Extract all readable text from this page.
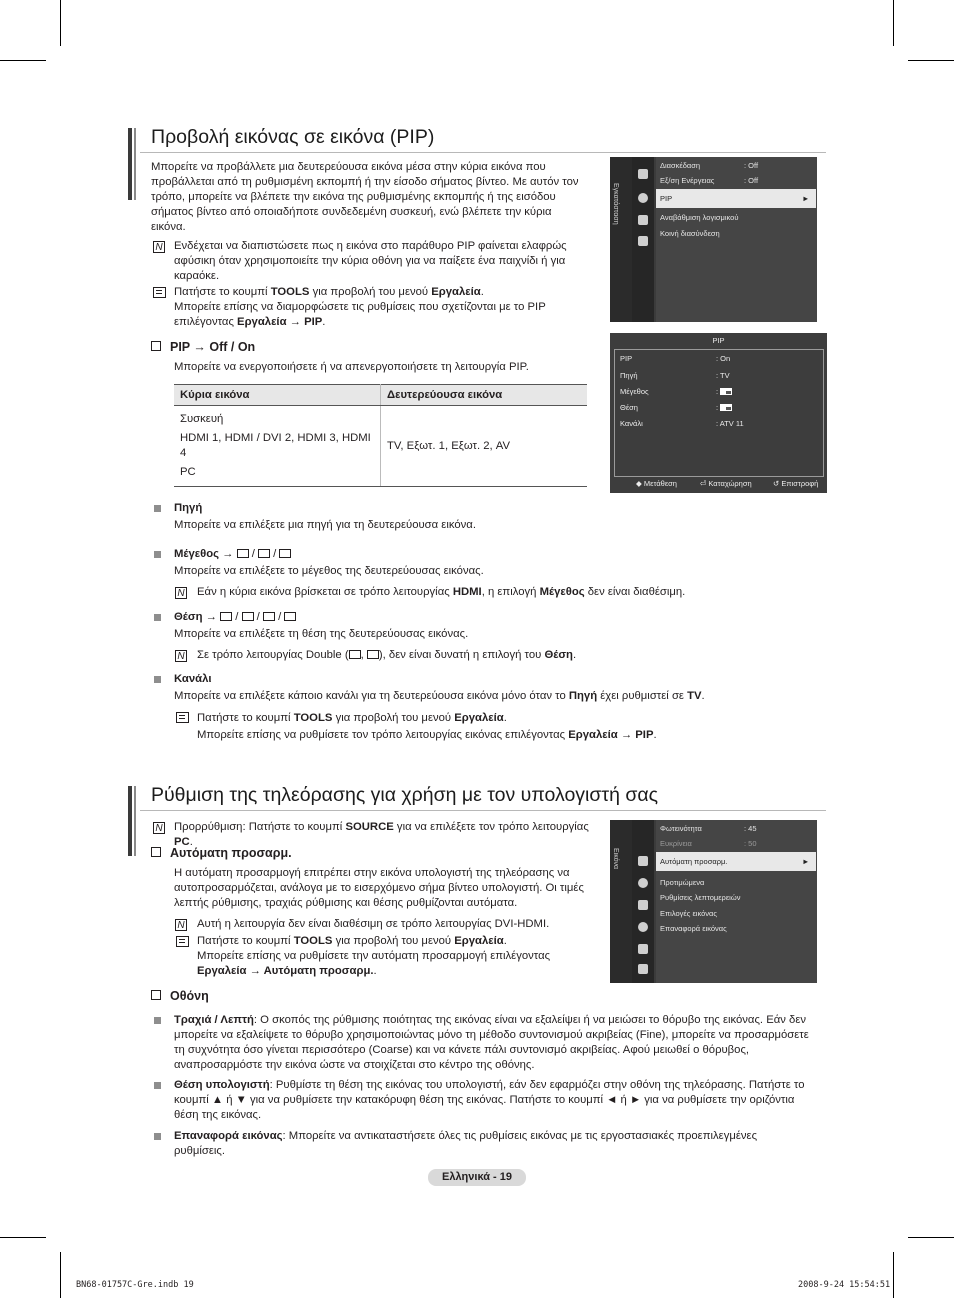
Προβολή εικόνας σε εικόνα (PIP)
Μπορείτε να προβάλλετε μια δευτερεύουσα εικόνα μέσα στην κύρια εικόνα που προβάλλεται από τη ρυθμισμένη εκπομπή ή την είσοδο σήματος βίντεο. Με αυτόν τον τρόπο, μπορείτε να βλέπετε την εικόνα της ρυθμισμένης εκπομπής ή της εισόδου σήματος βίντεο από οποιαδήποτε συνδεδεμένη συσκευή, ενώ βλέπετε την κύρια εικόνα.
N Ενδέχεται να διαπιστώσετε πως η εικόνα στο παράθυρο PIP φαίνεται ελαφρώς αφύσικη όταν χρησιμοποιείτε την κύρια οθόνη για να παίξετε ένα παιχνίδι ή για καραόκε.
Πατήστε το κουμπί TOOLS για προβολή του μενού Εργαλεία.
Μπορείτε επίσης να διαμορφώσετε τις ρυθμίσεις που σχετίζονται με το PIP επιλέγοντας Εργαλεία → PIP.
PIP → Off / On
Μπορείτε να ενεργοποιήσετε ή να απενεργοποιήσετε τη λειτουργία PIP.
Κύρια εικόνα	Δευτερεύουσα εικόνα

Συσκευή
HDMI 1, HDMI / DVI 2, HDMI 3, HDMI 4
PC	TV, Εξωτ. 1, Εξωτ. 2, AV
Πηγή
Μπορείτε να επιλέξετε μια πηγή για τη δευτερεύουσα εικόνα.
Μέγεθος →  /  /
Μπορείτε να επιλέξετε το μέγεθος της δευτερεύουσας εικόνας.
N Εάν η κύρια εικόνα βρίσκεται σε τρόπο λειτουργίας HDMI, η επιλογή Μέγεθος δεν είναι διαθέσιμη.
Θέση →  /  /  /
Μπορείτε να επιλέξετε τη θέση της δευτερεύουσας εικόνας.
N Σε τρόπο λειτουργίας Double ( , ), δεν είναι δυνατή η επιλογή του Θέση.
Κανάλι
Μπορείτε να επιλέξετε κάποιο κανάλι για τη δευτερεύουσα εικόνα μόνο όταν το Πηγή έχει ρυθμιστεί σε TV.
Πατήστε το κουμπί TOOLS για προβολή του μενού Εργαλεία.
Μπορείτε επίσης να ρυθμίσετε τον τρόπο λειτουργίας εικόνας επιλέγοντας Εργαλεία → PIP.
Εγκατάσταση
Διασκέδαση	: Off
Εξ/ση Ενέργειας	: Off
PIP	►
Αναβάθμιση λογισμικού
Κοινή διασύνδεση
PIP
PIP	: On
Πηγή	: TV
Μέγεθος	:
Θέση	:
Κανάλι	: ATV 11
◆ Μετάθεση	⏎ Καταχώρηση	↺ Επιστροφή
Ρύθμιση της τηλεόρασης για χρήση με τον υπολογιστή σας
N Προρρύθμιση: Πατήστε το κουμπί SOURCE για να επιλέξετε τον τρόπο λειτουργίας PC.
Αυτόματη προσαρμ.
Η αυτόματη προσαρμογή επιτρέπει στην εικόνα υπολογιστή της τηλεόρασης να αυτοπροσαρμόζεται, ανάλογα με το εισερχόμενο σήμα βίντεο υπολογιστή. Οι τιμές λεπτής ρύθμισης, τραχιάς ρύθμισης και θέσης ρυθμίζονται αυτόματα.
N Αυτή η λειτουργία δεν είναι διαθέσιμη σε τρόπο λειτουργίας DVI-HDMI.
Πατήστε το κουμπί TOOLS για προβολή του μενού Εργαλεία.
Μπορείτε επίσης να ρυθμίσετε την αυτόματη προσαρμογή επιλέγοντας
Εργαλεία → Αυτόματη προσαρμ..
Εικόνα
Φωτεινότητα	: 45
Ευκρίνεια	: 50
Αυτόματη προσαρμ.	►
Προτιμώμενα
Ρυθμίσεις λεπτομερειών
Επιλογές εικόνας
Επαναφορά εικόνας
Οθόνη
Τραχιά / Λεπτή: Ο σκοπός της ρύθμισης ποιότητας της εικόνας είναι να εξαλείψει ή να μειώσει το θόρυβο της εικόνας. Εάν δεν μπορείτε να εξαλείψετε το θόρυβο χρησιμοποιώντας μόνο τη μέθοδο συντονισμού ακριβείας (Fine), μπορείτε να προσαρμόσετε τη συχνότητα όσο γίνεται περισσότερο (Coarse) και να κάνετε πάλι συντονισμό ακριβείας. Αφού μειωθεί ο θόρυβος, αναπροσαρμόστε την εικόνα ώστε να στοιχίζεται στο κέντρο της οθόνης.
Θέση υπολογιστή: Ρυθμίστε τη θέση της εικόνας του υπολογιστή, εάν δεν εφαρμόζει στην οθόνη της τηλεόρασης. Πατήστε το κουμπί ▲ ή ▼ για να ρυθμίσετε την κατακόρυφη θέση της εικόνας. Πατήστε το κουμπί ◄ ή ► για να ρυθμίσετε την οριζόντια θέση της εικόνας.
Επαναφορά εικόνας: Μπορείτε να αντικαταστήσετε όλες τις ρυθμίσεις εικόνας με τις εργοστασιακές προεπιλεγμένες ρυθμίσεις.
Ελληνικά - 19
BN68-01757C-Gre.indb 19	2008-9-24 15:54:51
